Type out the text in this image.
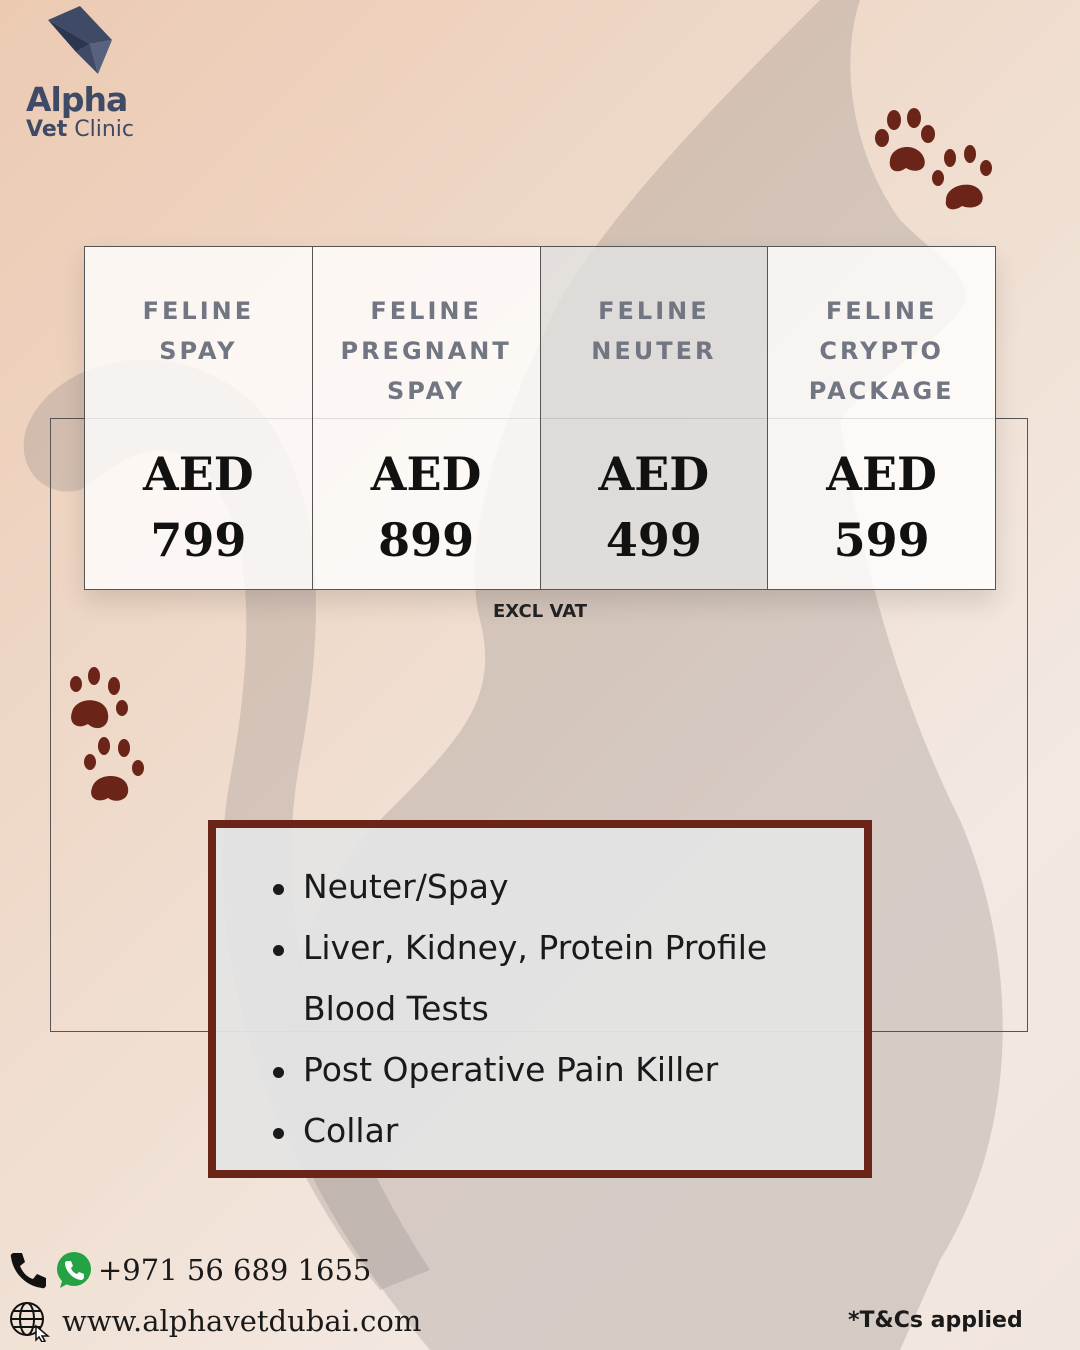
Alpha
Vet Clinic
FELINE
SPAY
AED
799
FELINE
PREGNANT
SPAY
AED
899
FELINE
NEUTER
AED
499
FELINE
CRYPTO
PACKAGE
AED
599
EXCL VAT
Neuter/Spay
Liver, Kidney, Protein Profile Blood Tests
Post Operative Pain Killer
Collar
+971 56 689 1655
www.alphavetdubai.com	*T&Cs applied
